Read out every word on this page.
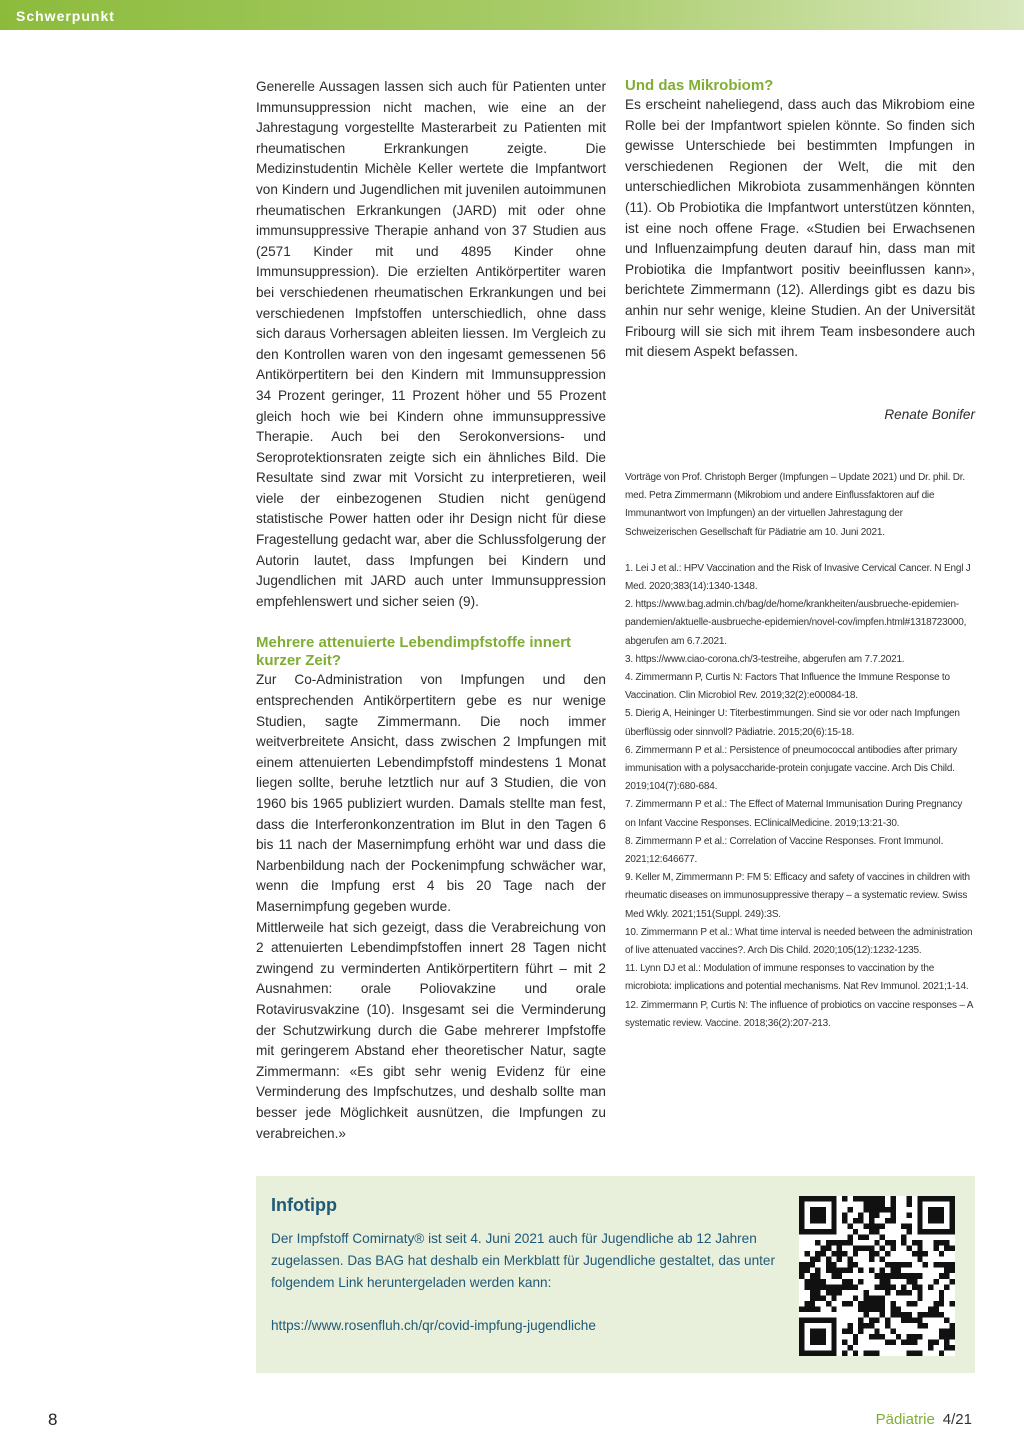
Schwerpunkt

Generelle Aussagen lassen sich auch für Patienten unter Immunsuppression nicht machen, wie eine an der Jahrestagung vorgestellte Masterarbeit zu Patienten mit rheumatischen Erkrankungen zeigte. Die Medizinstudentin Michèle Keller wertete die Impfantwort von Kindern und Jugendlichen mit juvenilen autoimmunen rheumatischen Erkrankungen (JARD) mit oder ohne immunsuppressive Therapie anhand von 37 Studien aus (2571 Kinder mit und 4895 Kinder ohne Immunsuppression). Die erzielten Antikörpertiter waren bei verschiedenen rheumatischen Erkrankungen und bei verschiedenen Impfstoffen unterschiedlich, ohne dass sich daraus Vorhersagen ableiten liessen. Im Vergleich zu den Kontrollen waren von den ingesamt gemessenen 56 Antikörpertitern bei den Kindern mit Immunsuppression 34 Prozent geringer, 11 Prozent höher und 55 Prozent gleich hoch wie bei Kindern ohne immunsuppressive Therapie. Auch bei den Serokonversions- und Seroprotektionsraten zeigte sich ein ähnliches Bild. Die Resultate sind zwar mit Vorsicht zu interpretieren, weil viele der einbezogenen Studien nicht genügend statistische Power hatten oder ihr Design nicht für diese Fragestellung gedacht war, aber die Schlussfolgerung der Autorin lautet, dass Impfungen bei Kindern und Jugendlichen mit JARD auch unter Immunsuppression empfehlenswert und sicher seien (9).

Mehrere attenuierte Lebendimpfstoffe innert kurzer Zeit?

Zur Co-Administration von Impfungen und den entsprechenden Antikörpertitern gebe es nur wenige Studien, sagte Zimmermann. Die noch immer weitverbreitete Ansicht, dass zwischen 2 Impfungen mit einem attenuierten Lebendimpfstoff mindestens 1 Monat liegen sollte, beruhe letztlich nur auf 3 Studien, die von 1960 bis 1965 publiziert wurden. Damals stellte man fest, dass die Interferonkonzentration im Blut in den Tagen 6 bis 11 nach der Masernimpfung erhöht war und dass die Narbenbildung nach der Pockenimpfung schwächer war, wenn die Impfung erst 4 bis 20 Tage nach der Masernimpfung gegeben wurde.

Mittlerweile hat sich gezeigt, dass die Verabreichung von 2 attenuierten Lebendimpfstoffen innert 28 Tagen nicht zwingend zu verminderten Antikörpertitern führt – mit 2 Ausnahmen: orale Poliovakzine und orale Rotavirusvakzine (10). Insgesamt sei die Verminderung der Schutzwirkung durch die Gabe mehrerer Impfstoffe mit geringerem Abstand eher theoretischer Natur, sagte Zimmermann: «Es gibt sehr wenig Evidenz für eine Verminderung des Impfschutzes, und deshalb sollte man besser jede Möglichkeit ausnützen, die Impfungen zu verabreichen.»

Und das Mikrobiom?

Es erscheint naheliegend, dass auch das Mikrobiom eine Rolle bei der Impfantwort spielen könnte. So finden sich gewisse Unterschiede bei bestimmten Impfungen in verschiedenen Regionen der Welt, die mit den unterschiedlichen Mikrobiota zusammenhängen könnten (11). Ob Probiotika die Impfantwort unterstützen könnten, ist eine noch offene Frage. «Studien bei Erwachsenen und Influenzaimpfung deuten darauf hin, dass man mit Probiotika die Impfantwort positiv beeinflussen kann», berichtete Zimmermann (12). Allerdings gibt es dazu bis anhin nur sehr wenige, kleine Studien. An der Universität Fribourg will sie sich mit ihrem Team insbesondere auch mit diesem Aspekt befassen.

Renate Bonifer

Vorträge von Prof. Christoph Berger (Impfungen – Update 2021) und Dr. phil. Dr. med. Petra Zimmermann (Mikrobiom und andere Einflussfaktoren auf die Immunantwort von Impfungen) an der virtuellen Jahrestagung der Schweizerischen Gesellschaft für Pädiatrie am 10. Juni 2021.

1. Lei J et al.: HPV Vaccination and the Risk of Invasive Cervical Cancer. N Engl J Med. 2020;383(14):1340-1348.

2. https://www.bag.admin.ch/bag/de/home/krankheiten/ausbrueche-epidemien-pandemien/aktuelle-ausbrueche-epidemien/novel-cov/impfen.html#1318723000, abgerufen am 6.7.2021.

3. https://www.ciao-corona.ch/3-testreihe, abgerufen am 7.7.2021.

4. Zimmermann P, Curtis N: Factors That Influence the Immune Response to Vaccination. Clin Microbiol Rev. 2019;32(2):e00084-18.

5. Dierig A, Heininger U: Titerbestimmungen. Sind sie vor oder nach Impfungen überflüssig oder sinnvoll? Pädiatrie. 2015;20(6):15-18.

6. Zimmermann P et al.: Persistence of pneumococcal antibodies after primary immunisation with a polysaccharide-protein conjugate vaccine. Arch Dis Child. 2019;104(7):680-684.

7. Zimmermann P et al.: The Effect of Maternal Immunisation During Pregnancy on Infant Vaccine Responses. EClinicalMedicine. 2019;13:21-30.

8. Zimmermann P et al.: Correlation of Vaccine Responses. Front Immunol. 2021;12:646677.

9. Keller M, Zimmermann P: FM 5: Efficacy and safety of vaccines in children with rheumatic diseases on immunosuppressive therapy – a systematic review. Swiss Med Wkly. 2021;151(Suppl. 249):3S.

10. Zimmermann P et al.: What time interval is needed between the administration of live attenuated vaccines?. Arch Dis Child. 2020;105(12):1232-1235.

11. Lynn DJ et al.: Modulation of immune responses to vaccination by the microbiota: implications and potential mechanisms. Nat Rev Immunol. 2021;1-14.

12. Zimmermann P, Curtis N: The influence of probiotics on vaccine responses – A systematic review. Vaccine. 2018;36(2):207-213.

Infotipp
Der Impfstoff Comirnaty® ist seit 4. Juni 2021 auch für Jugendliche ab 12 Jahren zugelassen. Das BAG hat deshalb ein Merkblatt für Jugendliche gestaltet, das unter folgendem Link heruntergeladen werden kann:
https://www.rosenfluh.ch/qr/covid-impfung-jugendliche
8	Pädiatrie 4/21
